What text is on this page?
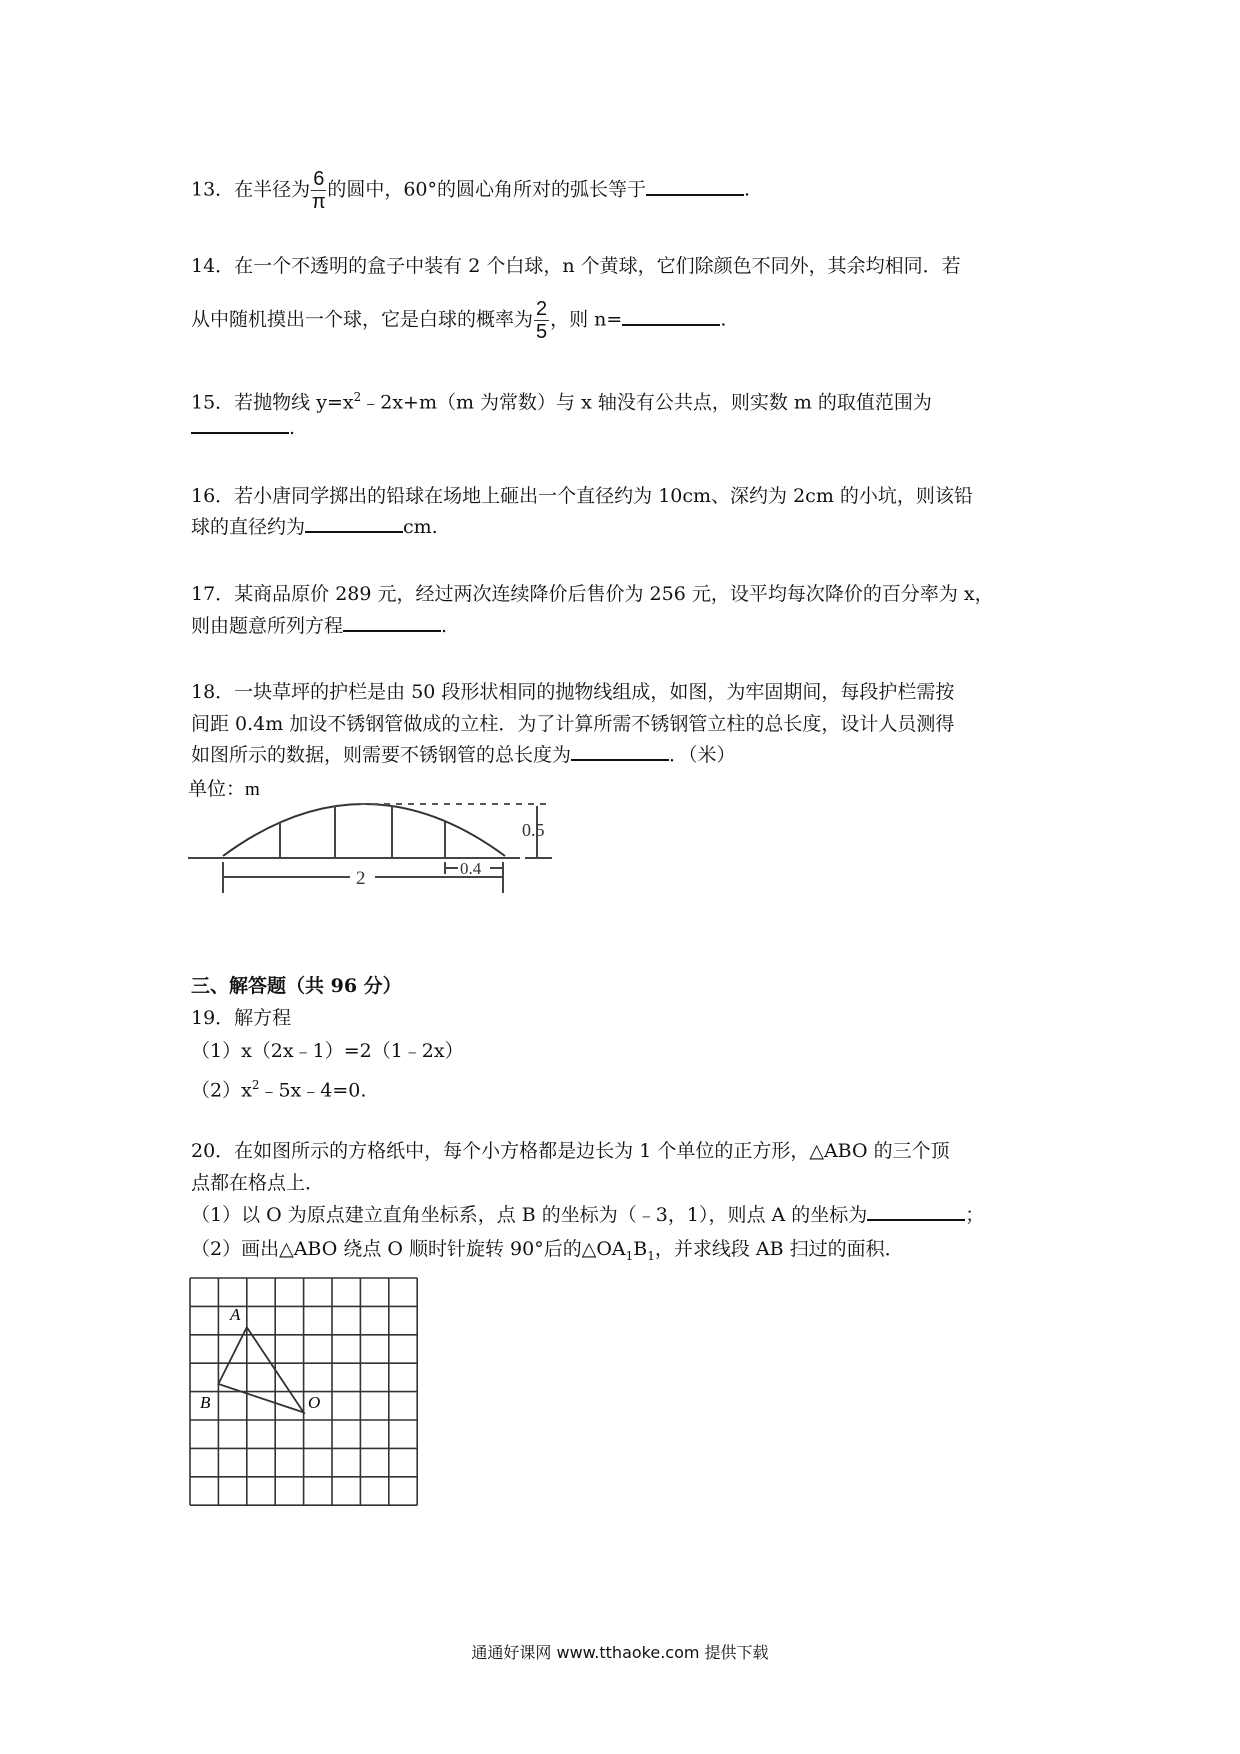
13．在半径为 $\frac{6}{\pi}$ 的圆中，60°的圆心角所对的弧长等于	.
14．在一个不透明的盒子中装有 2 个白球，n 个黄球，它们除颜色不同外，其余均相同．若
从中随机摸出一个球，它是白球的概率为 $\frac{2}{5}$ ，则 n=	.
15．若抛物线 $y=x^2﹣2x+m(m$ 为常数）与 x 轴没有公共点，则实数 m 的取值范围为
.
16．若小唐同学掷出的铅球在场地上砸出一个直径约为 10cm、深约为 2cm 的小坑，则该铅
球的直径约为	cm.
17．某商品原价 289 元，经过两次连续降价后售价为 256 元，设平均每次降价的百分率为 x，
则由题意所列方程	.
18．一块草坪的护栏是由 50 段形状相同的抛物线组成，如图，为牢固期间，每段护栏需按
间距 0.4m 加设不锈钢管做成的立柱．为了计算所需不锈钢管立柱的总长度，设计人员测得
如图所示的数据，则需要不锈钢管的总长度为	．（米）
单位：m
0.5
2	0.4
三、解答题（共 96 分）
19．解方程
（1）x（2x﹣1）=2（1﹣2x）
$(2)x^2﹣5x﹣4=0$.
20．在如图所示的方格纸中，每个小方格都是边长为 1 个单位的正方形，△ABO 的三个顶
点都在格点上．
（1）以 O 为原点建立直角坐标系，点 B 的坐标为（﹣3，1），则点 A 的坐标为	；
（2）画出△ABO 绕点 O 顺时针旋转 90°后的$\triangle OA_1B_1$，并求线段 AB 扫过的面积．
A
B	O
通通好课网 www.tthaoke.com 提供下载
